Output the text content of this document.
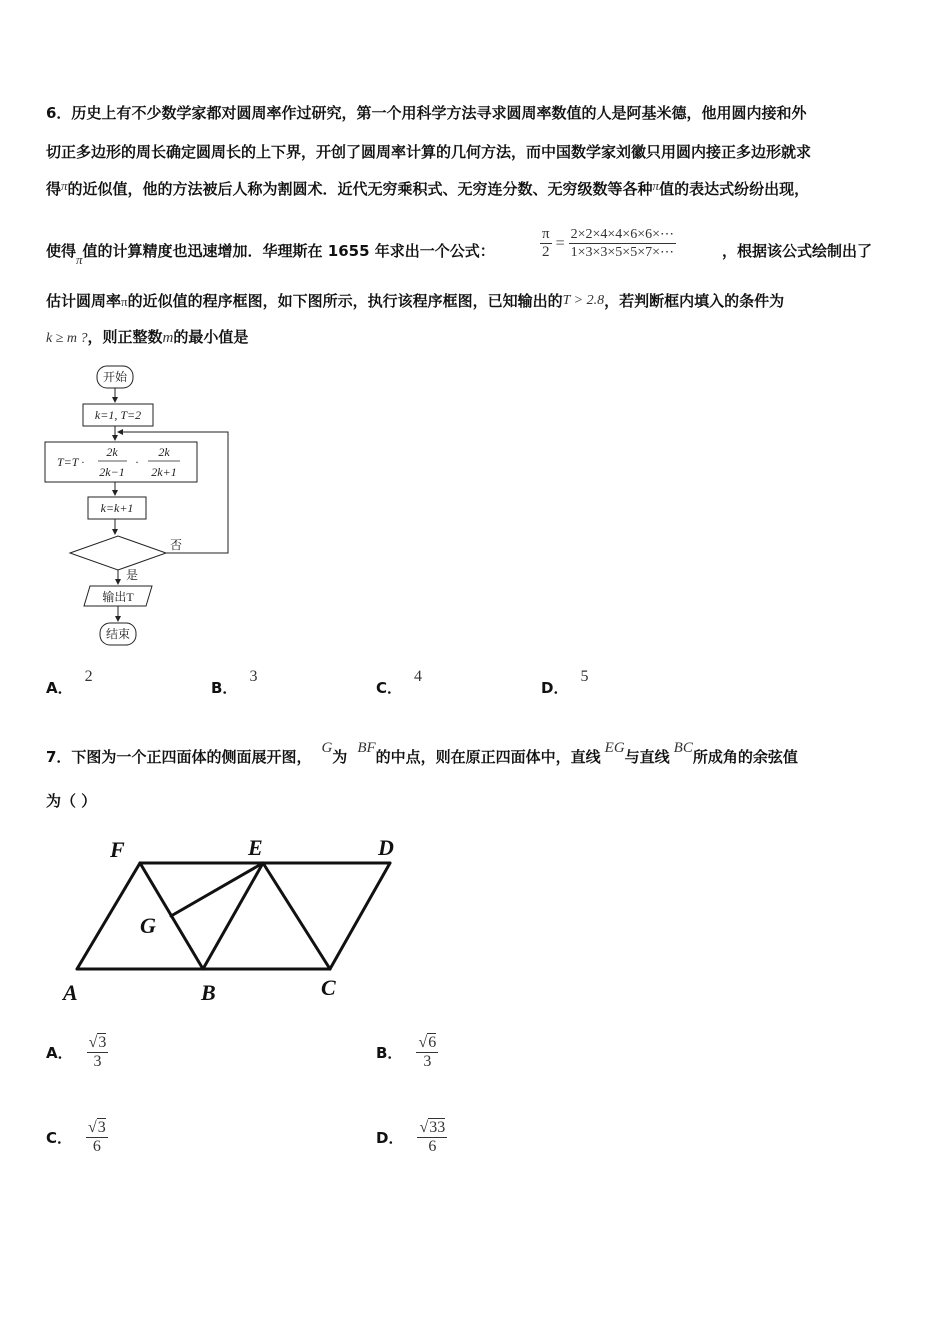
6．历史上有不少数学家都对圆周率作过研究，第一个用科学方法寻求圆周率数值的人是阿基米德，他用圆内接和外
切正多边形的周长确定圆周长的上下界，开创了圆周率计算的几何方法，而中国数学家刘徽只用圆内接正多边形就求
得π的近似值，他的方法被后人称为割圆术．近代无穷乘积式、无穷连分数、无穷级数等各种π值的表达式纷纷出现，
使得π值的计算精度也迅速增加．华理斯在 1655 年求出一个公式：	$\frac{\pi}{2} = \frac{2\times 2\times 4\times 4\times 6\times 6\times\cdots}{1\times 3\times 3\times 5\times 5\times 7\times\cdots}$	，根据该公式绘制出了
估计圆周率π的近似值的程序框图，如下图所示，执行该程序框图，已知输出的T > 2.8，若判断框内填入的条件为
k ≥ m ?，则正整数m的最小值是
开始
k=1, T=2
T=T ·
2k
2k−1
·
2k
2k+1
k=k+1
否
是
输出T
结束
A．2
B．3
C．4
D．5
7．下图为一个正四面体的侧面展开图， G为 BF的中点，则在原正四面体中，直线 EG与直线 BC所成角的余弦值
为（ ）
F	E	D
G
A	B	C
A． $\frac{√3}{3}$	B． $\frac{√6}{3}$
C． $\frac{√3}{6}$	D． $\frac{√33}{6}$
